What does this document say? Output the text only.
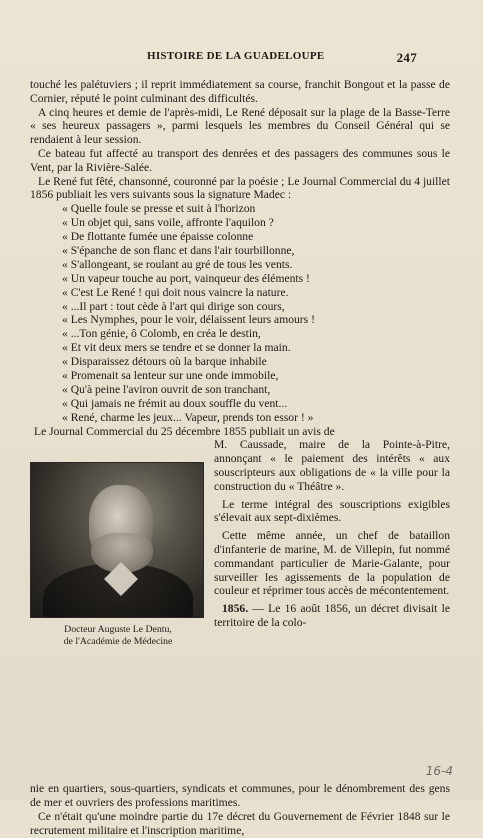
HISTOIRE DE LA GUADELOUPE	247

touché les palétuviers ; il reprit immédiatement sa course, franchit Bongout et la passe de Cornier, réputé le point culminant des difficultés.

A cinq heures et demie de l'après-midi, Le René déposait sur la plage de la Basse-Terre « ses heureux passagers », parmi lesquels les membres du Conseil Général qui se rendaient à leur session.

Ce bateau fut affecté au transport des denrées et des passagers des communes sous le Vent, par la Rivière-Salée.

Le René fut fêté, chansonné, couronné par la poésie ; Le Journal Commercial du 4 juillet 1856 publiait les vers suivants sous la signature Madec :

« Quelle foule se presse et suit à l'horizon
« Un objet qui, sans voile, affronte l'aquilon ?
« De flottante fumée une épaisse colonne
« S'épanche de son flanc et dans l'air tourbillonne,
« S'allongeant, se roulant au gré de tous les vents.
« Un vapeur touche au port, vainqueur des éléments !
« C'est Le René ! qui doit nous vaincre la nature.
« ...Il part : tout cède à l'art qui dirige son cours,
« Les Nymphes, pour le voir, délaissent leurs amours !
« ...Ton génie, ô Colomb, en créa le destin,
« Et vit deux mers se tendre et se donner la main.
« Disparaissez détours où la barque inhabile
« Promenait sa lenteur sur une onde immobile,
« Qu'à peine l'aviron ouvrit de son tranchant,
« Qui jamais ne frémit au doux souffle du vent...
« René, charme les jeux... Vapeur, prends ton essor ! »

Le Journal Commercial du 25 décembre 1855 publiait un avis de

Docteur Auguste Le Dentu,
de l'Académie de Médecine

M. Caussade, maire de la Pointe-à-Pitre, annonçant « le paiement des intérêts « aux souscripteurs aux obligations de « la ville pour la construction du « Théâtre ».

Le terme intégral des souscriptions exigibles s'élevait aux sept-dixièmes.

Cette même année, un chef de bataillon d'infanterie de marine, M. de Villepin, fut nommé commandant particulier de Marie-Galante, pour surveiller les agissements de la population de couleur et réprimer tous accès de mécontentement.

1856. — Le 16 août 1856, un décret divisait le territoire de la colo-

nie en quartiers, sous-quartiers, syndicats et communes, pour le dénombrement des gens de mer et ouvriers des professions maritimes.

Ce n'était qu'une moindre partie du 17e décret du Gouvernement de Février 1848 sur le recrutement militaire et l'inscription maritime,

16-4
